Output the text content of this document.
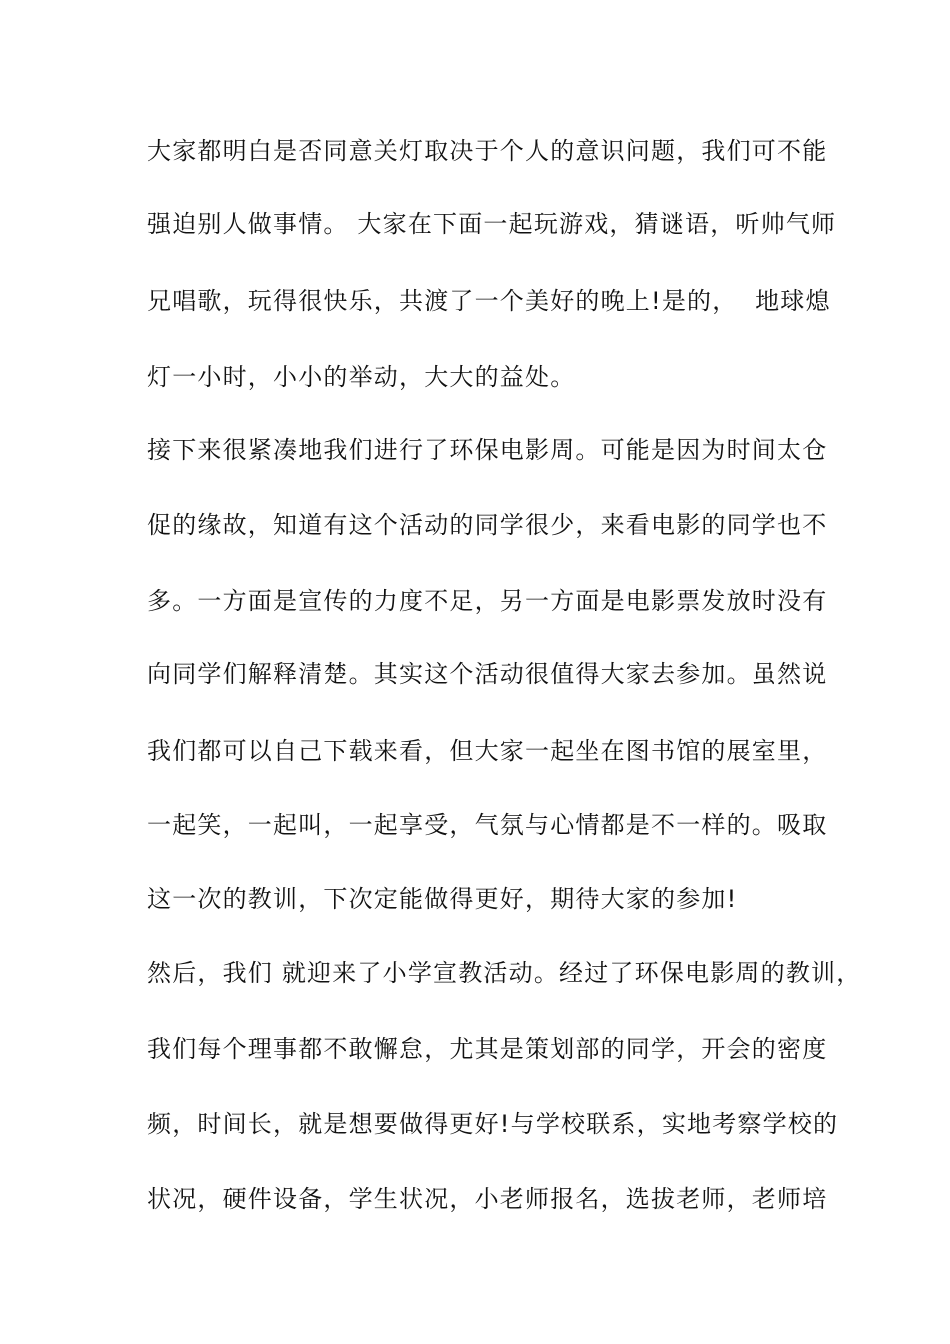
大家都明白是否同意关灯取决于个人的意识问题，我们可不能
强迫别人做事情。 大家在下面一起玩游戏，猜谜语，听帅气师
兄唱歌，玩得很快乐，共渡了一个美好的晚上!是的，  地球熄
灯一小时，小小的举动，大大的益处。
接下来很紧凑地我们进行了环保电影周。可能是因为时间太仓
促的缘故，知道有这个活动的同学很少，来看电影的同学也不
多。一方面是宣传的力度不足，另一方面是电影票发放时没有
向同学们解释清楚。其实这个活动很值得大家去参加。虽然说
我们都可以自己下载来看，但大家一起坐在图书馆的展室里，
一起笑，一起叫，一起享受，气氛与心情都是不一样的。吸取
这一次的教训，下次定能做得更好，期待大家的参加!
然后，我们 就迎来了小学宣教活动。经过了环保电影周的教训，
我们每个理事都不敢懈怠，尤其是策划部的同学，开会的密度
频，时间长，就是想要做得更好!与学校联系，实地考察学校的
状况，硬件设备，学生状况，小老师报名，选拔老师，老师培
